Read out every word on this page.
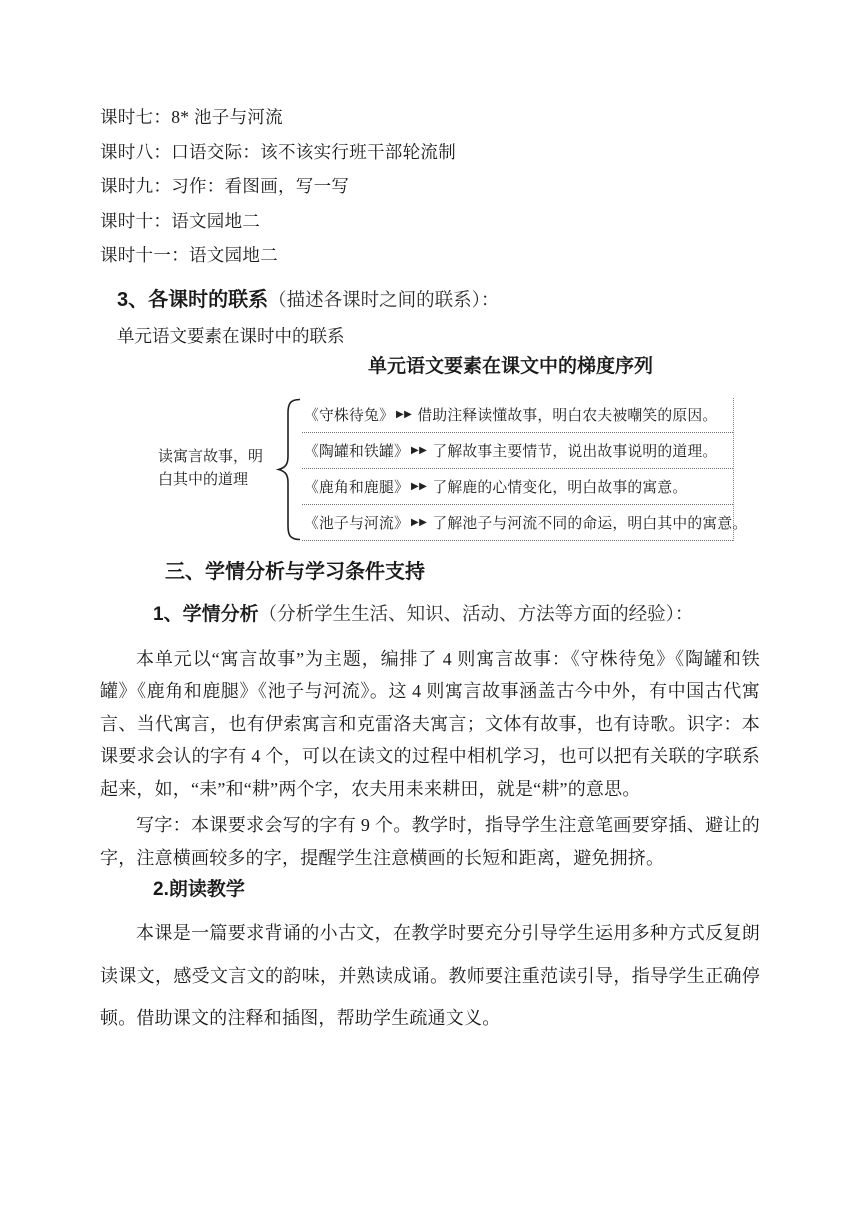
课时七：8* 池子与河流
课时八：口语交际：该不该实行班干部轮流制
课时九：习作：看图画，写一写
课时十：语文园地二
课时十一：语文园地二
3、各课时的联系（描述各课时之间的联系）：
单元语文要素在课时中的联系
单元语文要素在课文中的梯度序列
读寓言故事，明
白其中的道理
《守株待兔》 ▶▶ 借助注释读懂故事，明白农夫被嘲笑的原因。
《陶罐和铁罐》 ▶▶ 了解故事主要情节，说出故事说明的道理。
《鹿角和鹿腿》 ▶▶ 了解鹿的心情变化，明白故事的寓意。
《池子与河流》 ▶▶ 了解池子与河流不同的命运，明白其中的寓意。
三、学情分析与学习条件支持
1、学情分析（分析学生生活、知识、活动、方法等方面的经验）：

本单元以“寓言故事”为主题，编排了 4 则寓言故事：《守株待兔》《陶罐和铁罐》《鹿角和鹿腿》《池子与河流》。这 4 则寓言故事涵盖古今中外，有中国古代寓言、当代寓言，也有伊索寓言和克雷洛夫寓言；文体有故事，也有诗歌。识字：本课要求会认的字有 4 个，可以在读文的过程中相机学习，也可以把有关联的字联系起来，如，“耒”和“耕”两个字，农夫用耒来耕田，就是“耕”的意思。

写字：本课要求会写的字有 9 个。教学时，指导学生注意笔画要穿插、避让的字，注意横画较多的字，提醒学生注意横画的长短和距离，避免拥挤。

2.朗读教学

本课是一篇要求背诵的小古文，在教学时要充分引导学生运用多种方式反复朗读课文，感受文言文的韵味，并熟读成诵。教师要注重范读引导，指导学生正确停顿。借助课文的注释和插图，帮助学生疏通文义。
